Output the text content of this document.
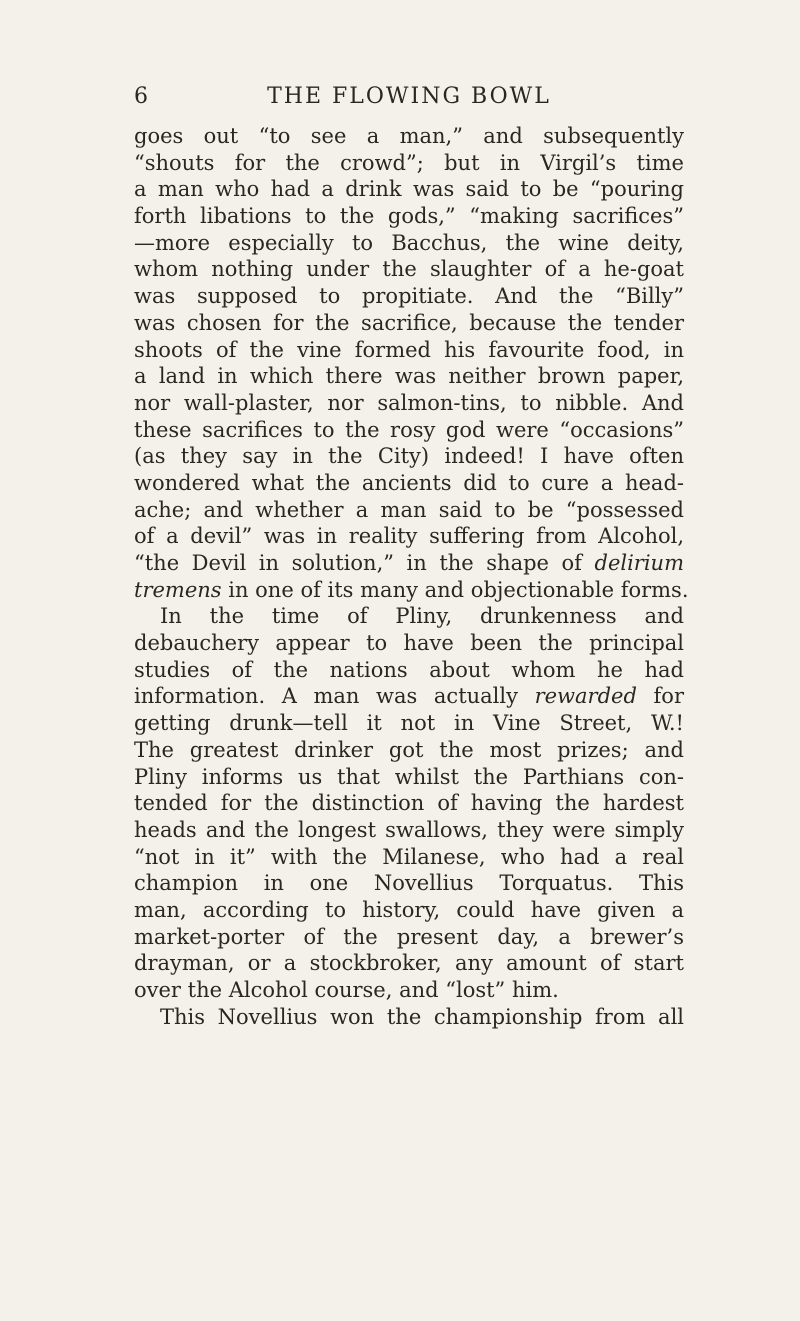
6	THE FLOWING BOWL
goes out “to see a man,” and subsequently
“shouts for the crowd”; but in Virgil’s time
a man who had a drink was said to be “pouring
forth libations to the gods,” “making sacrifices”
—more especially to Bacchus, the wine deity,
whom nothing under the slaughter of a he-goat
was supposed to propitiate. And the “Billy”
was chosen for the sacrifice, because the tender
shoots of the vine formed his favourite food, in
a land in which there was neither brown paper,
nor wall-plaster, nor salmon-tins, to nibble. And
these sacrifices to the rosy god were “occasions”
(as they say in the City) indeed! I have often
wondered what the ancients did to cure a head-
ache; and whether a man said to be “possessed
of a devil” was in reality suffering from Alcohol,
“the Devil in solution,” in the shape of delirium
tremens in one of its many and objectionable forms.
In the time of Pliny, drunkenness and
debauchery appear to have been the principal
studies of the nations about whom he had
information. A man was actually rewarded for
getting drunk—tell it not in Vine Street, W.!
The greatest drinker got the most prizes; and
Pliny informs us that whilst the Parthians con-
tended for the distinction of having the hardest
heads and the longest swallows, they were simply
“not in it” with the Milanese, who had a real
champion in one Novellius Torquatus. This
man, according to history, could have given a
market-porter of the present day, a brewer’s
drayman, or a stockbroker, any amount of start
over the Alcohol course, and “lost” him.
This Novellius won the championship from all
